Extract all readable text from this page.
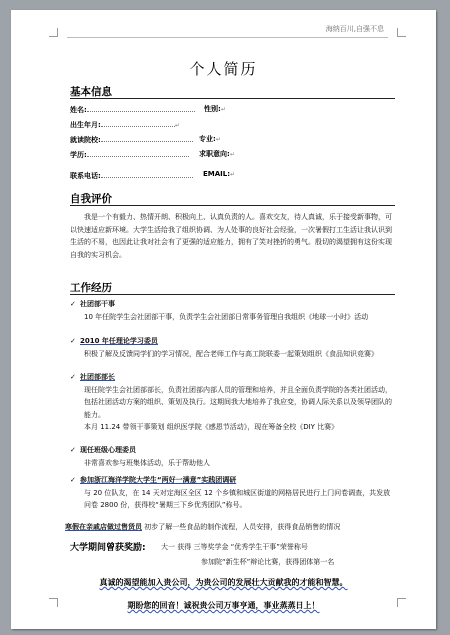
海纳百川,自强不息
个人简历
基本信息
姓名:	性别:↵
出生年月:	↵
就读院校:	专业:↵
学历:	求职意向:↵
联系电话:	EMAIL:↵
自我评价
我是一个有毅力、热情开朗、积极向上、认真负责的人。喜欢交友，待人真诚，乐于接受新事物，可以快速适应新环境。大学生活给我了组织协调、为人处事的良好社会经验，一次暑假打工生活让我认识到生活的不易，也因此让我对社会有了更强的适应能力，拥有了笑对挫折的勇气。殷切的渴望拥有这份实现自我的实习机会。
工作经历
✓ 社团部干事
10 年任院学生会社团部干事，负责学生会社团部日常事务管理自我组织《地球一小时》活动
✓ 2010 年任理论学习委员
积极了解及反馈同学们的学习情况，配合老师工作与高工院联委一起策划组织《食品知识竞赛》
✓ 社团部部长
现任院学生会社团部部长，负责社团部内部人员的管理和培养，并且全面负责学院的各类社团活动，包括社团活动方案的组织、策划及执行。这期间我大地培养了我应变，协调人际关系以及领导团队的能力。
本月 11.24 带领干事策划 组织医学院《感恩节活动》，现在筹备全校《DIY 比赛》
✓ 现任班级心理委员
非常喜欢参与班集体活动，乐于帮助他人
✓ 参加浙江海洋学院大学生“两好一满意”实践团调研
与 20 位队友，在 14 天对定海区全区 12 个乡镇和城区街道的网格居民进行上门问卷调查，共发放问卷 2800 份，获得校“暑期三下乡优秀团队”称号。
寒假在亲戚店做过售货员 初步了解一些食品的制作流程，人员安排，获得食品销售的情况
大学期间曾获奖励: 大一 获得 三等奖学金 “优秀学生干事”荣誉称号
参加院“新生杯”辩论比赛，获得团体第一名
真诚的渴望能加入贵公司，为贵公司的发展壮大贡献我的才能和智慧。
期盼您的回音！诚祝贵公司万事亨通，事业蒸蒸日上！
